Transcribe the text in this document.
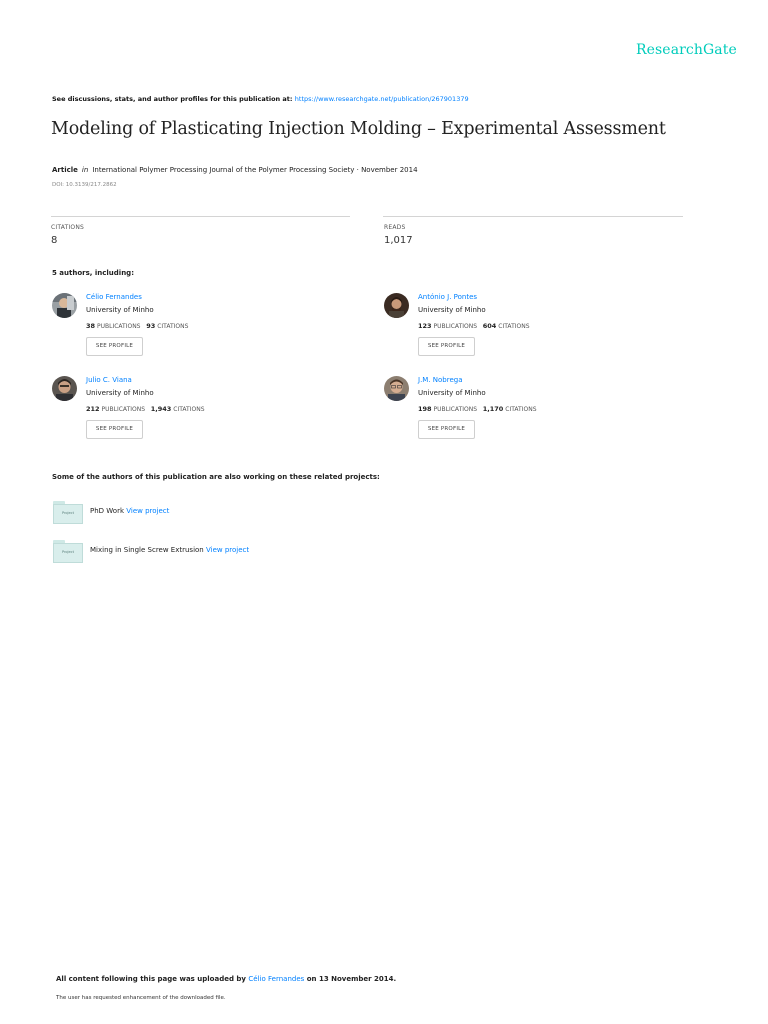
ResearchGate
See discussions, stats, and author profiles for this publication at: https://www.researchgate.net/publication/267901379
Modeling of Plasticating Injection Molding – Experimental Assessment
Article in International Polymer Processing Journal of the Polymer Processing Society · November 2014
DOI: 10.3139/217.2862
CITATIONS
8
READS
1,017
5 authors, including:
Célio Fernandes
University of Minho
38 PUBLICATIONS 93 CITATIONS
SEE PROFILE
António J. Pontes
University of Minho
123 PUBLICATIONS 604 CITATIONS
SEE PROFILE
Julio C. Viana
University of Minho
212 PUBLICATIONS 1,943 CITATIONS
SEE PROFILE
J.M. Nobrega
University of Minho
198 PUBLICATIONS 1,170 CITATIONS
SEE PROFILE
Some of the authors of this publication are also working on these related projects:
Project	PhD Work View project
Project	Mixing in Single Screw Extrusion View project
All content following this page was uploaded by Célio Fernandes on 13 November 2014.
The user has requested enhancement of the downloaded file.
